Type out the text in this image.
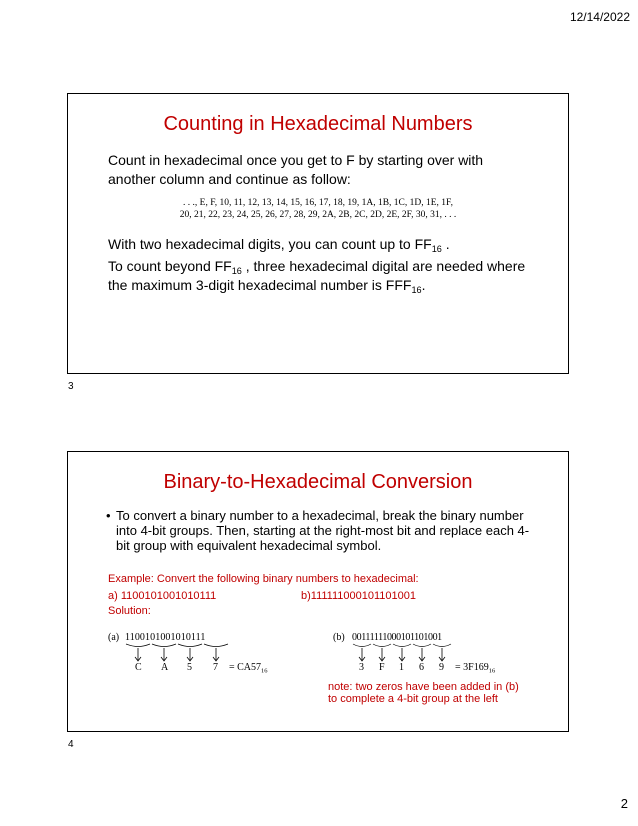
12/14/2022
Counting in Hexadecimal Numbers
Count in hexadecimal once you get to F by starting over with another column and continue as follow:
. . ., E, F, 10, 11, 12, 13, 14, 15, 16, 17, 18, 19, 1A, 1B, 1C, 1D, 1E, 1F,
20, 21, 22, 23, 24, 25, 26, 27, 28, 29, 2A, 2B, 2C, 2D, 2E, 2F, 30, 31, . . .
With two hexadecimal digits, you can count up to $FF_{16}$ .
To count beyond $FF_{16}$ , three hexadecimal digital are needed where the maximum 3-digit hexadecimal number is $FFF_{16}$.
3
Binary-to-Hexadecimal Conversion
• To convert a binary number to a hexadecimal, break the binary number into 4-bit groups. Then, starting at the right-most bit and replace each 4-bit group with equivalent hexadecimal symbol.
Example: Convert the following binary numbers to hexadecimal:
a) 1100101001010111	b)111111000101101001
Solution:
(a) 1100101001010111
C A 5 $7 = CA57_{16}$
(b) 00111111000101101001
3 F 1 6 $9 = 3F169_{16}$
note: two zeros have been added in (b) to complete a 4-bit group at the left
4
2
